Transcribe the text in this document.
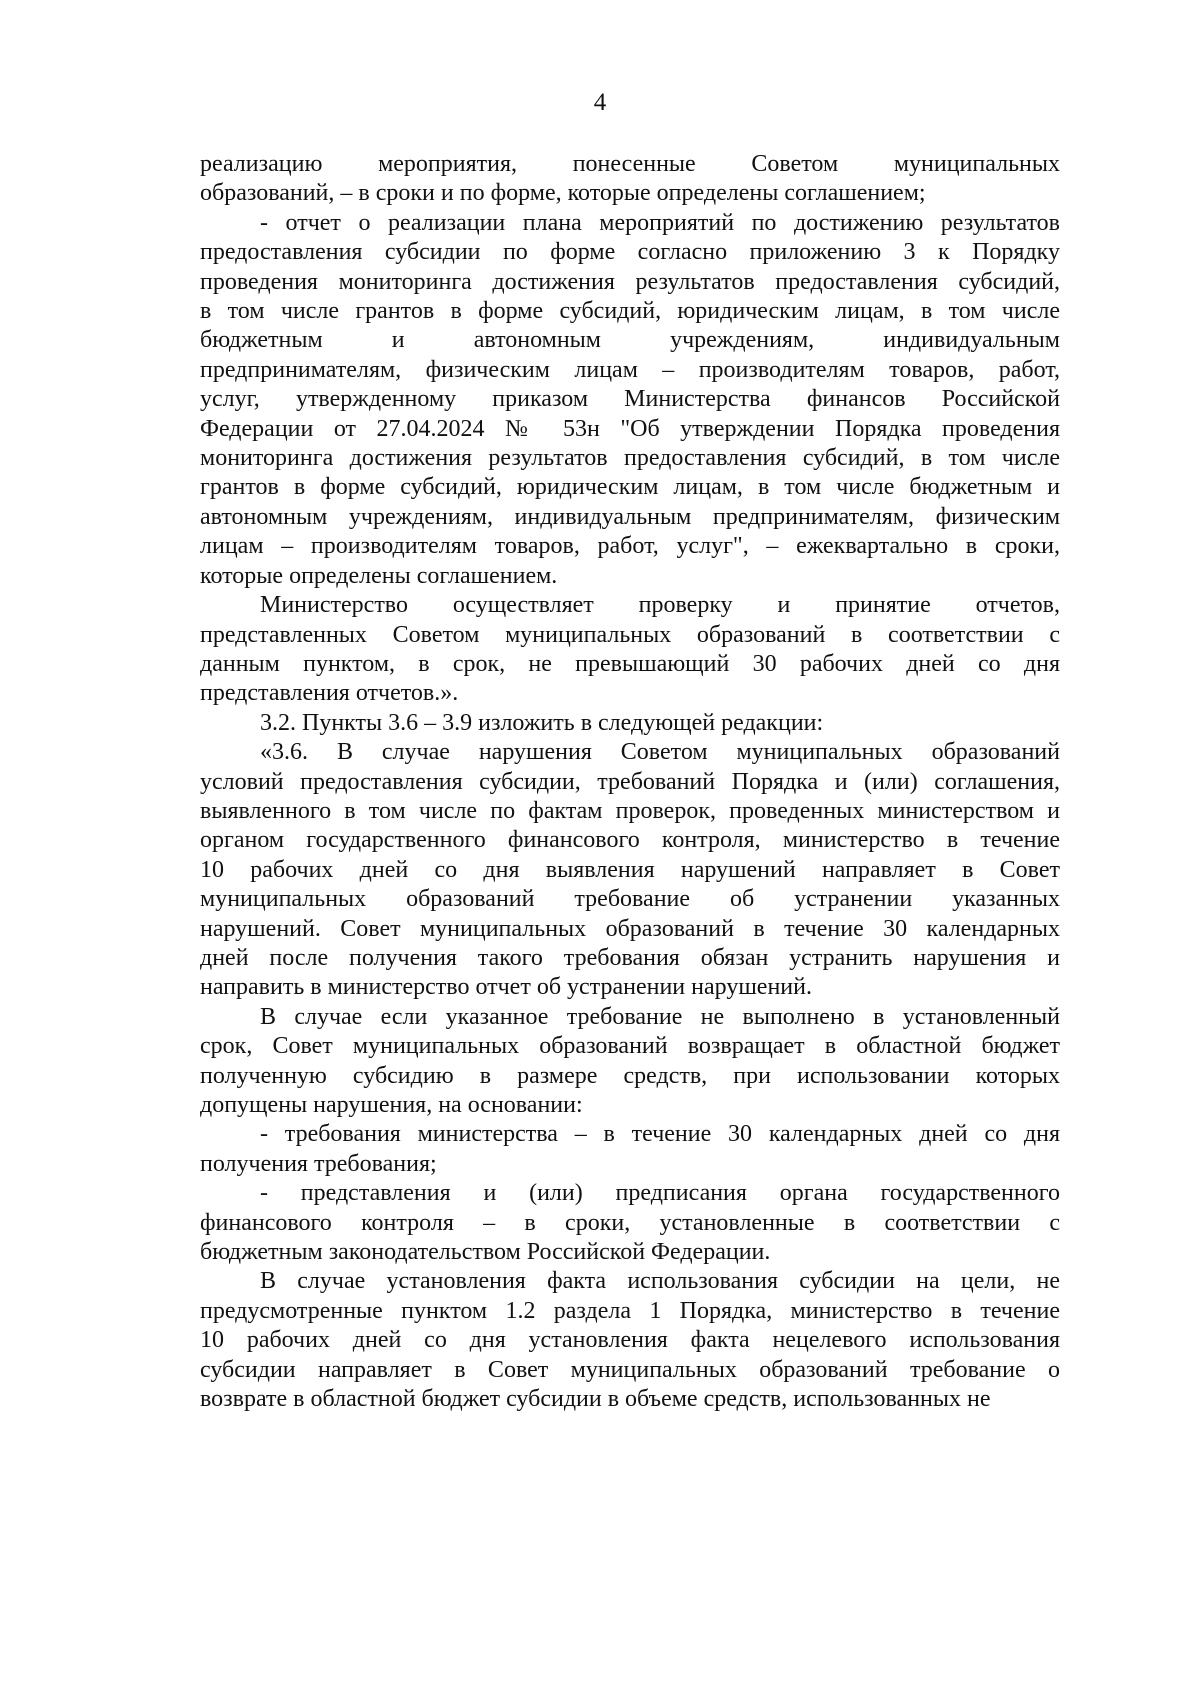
4

реализацию мероприятия, понесенные Советом муниципальных
образований, – в сроки и по форме, которые определены соглашением;

- отчет о реализации плана мероприятий по достижению результатов
предоставления субсидии по форме согласно приложению 3 к Порядку
проведения мониторинга достижения результатов предоставления субсидий,
в том числе грантов в форме субсидий, юридическим лицам, в том числе
бюджетным и автономным учреждениям, индивидуальным
предпринимателям, физическим лицам – производителям товаров, работ,
услуг, утвержденному приказом Министерства финансов Российской
Федерации от 27.04.2024 № 53н "Об утверждении Порядка проведения
мониторинга достижения результатов предоставления субсидий, в том числе
грантов в форме субсидий, юридическим лицам, в том числе бюджетным и
автономным учреждениям, индивидуальным предпринимателям, физическим
лицам – производителям товаров, работ, услуг", – ежеквартально в сроки,
которые определены соглашением.

Министерство осуществляет проверку и принятие отчетов,
представленных Советом муниципальных образований в соответствии с
данным пунктом, в срок, не превышающий 30 рабочих дней со дня
представления отчетов.».

3.2. Пункты 3.6 – 3.9 изложить в следующей редакции:

«3.6. В случае нарушения Советом муниципальных образований
условий предоставления субсидии, требований Порядка и (или) соглашения,
выявленного в том числе по фактам проверок, проведенных министерством и
органом государственного финансового контроля, министерство в течение
10 рабочих дней со дня выявления нарушений направляет в Совет
муниципальных образований требование об устранении указанных
нарушений. Совет муниципальных образований в течение 30 календарных
дней после получения такого требования обязан устранить нарушения и
направить в министерство отчет об устранении нарушений.

В случае если указанное требование не выполнено в установленный
срок, Совет муниципальных образований возвращает в областной бюджет
полученную субсидию в размере средств, при использовании которых
допущены нарушения, на основании:

- требования министерства – в течение 30 календарных дней со дня
получения требования;

- представления и (или) предписания органа государственного
финансового контроля – в сроки, установленные в соответствии с
бюджетным законодательством Российской Федерации.

В случае установления факта использования субсидии на цели, не
предусмотренные пунктом 1.2 раздела 1 Порядка, министерство в течение
10 рабочих дней со дня установления факта нецелевого использования
субсидии направляет в Совет муниципальных образований требование о
возврате в областной бюджет субсидии в объеме средств, использованных не
